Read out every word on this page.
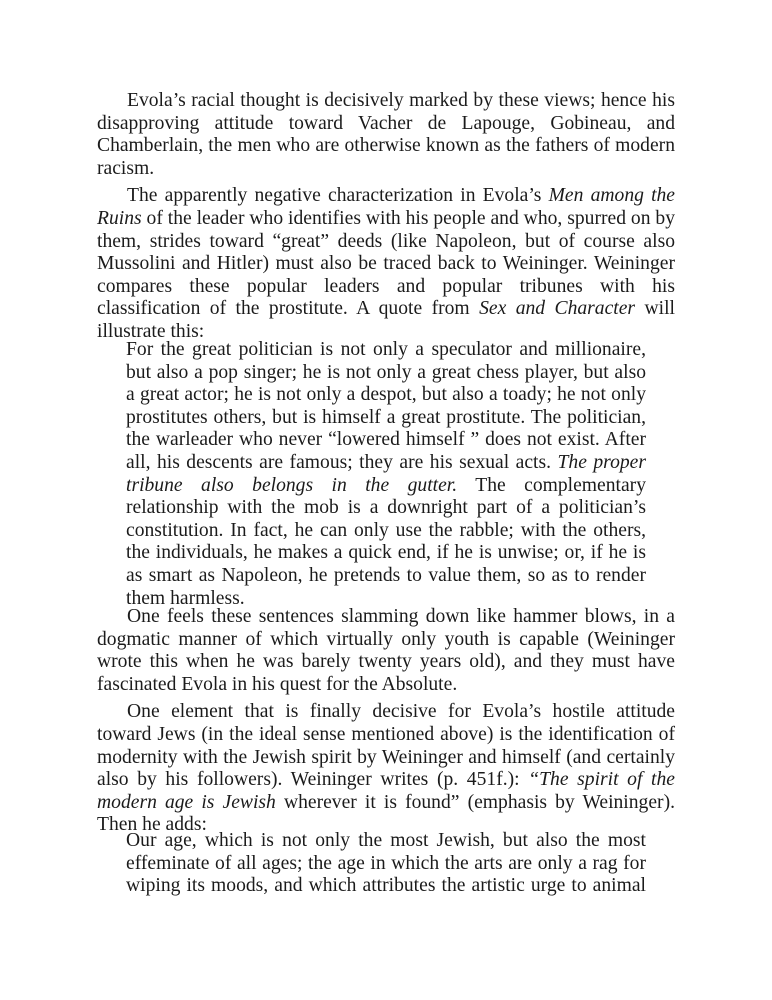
Evola’s racial thought is decisively marked by these views; hence his disapproving attitude toward Vacher de Lapouge, Gobineau, and Chamberlain, the men who are otherwise known as the fathers of modern racism.

The apparently negative characterization in Evola’s Men among the Ruins of the leader who identifies with his people and who, spurred on by them, strides toward “great” deeds (like Napoleon, but of course also Mussolini and Hitler) must also be traced back to Weininger. Weininger compares these popular leaders and popular tribunes with his classification of the prostitute. A quote from Sex and Character will illustrate this:

For the great politician is not only a speculator and millionaire, but also a pop singer; he is not only a great chess player, but also a great actor; he is not only a despot, but also a toady; he not only prostitutes others, but is himself a great prostitute. The politician, the warleader who never “lowered himself ” does not exist. After all, his descents are famous; they are his sexual acts. The proper tribune also belongs in the gutter. The complementary relationship with the mob is a downright part of a politician’s constitution. In fact, he can only use the rabble; with the others, the individuals, he makes a quick end, if he is unwise; or, if he is as smart as Napoleon, he pretends to value them, so as to render them harmless.

One feels these sentences slamming down like hammer blows, in a dogmatic manner of which virtually only youth is capable (Weininger wrote this when he was barely twenty years old), and they must have fascinated Evola in his quest for the Absolute.

One element that is finally decisive for Evola’s hostile attitude toward Jews (in the ideal sense mentioned above) is the identification of modernity with the Jewish spirit by Weininger and himself (and certainly also by his followers). Weininger writes (p. 451f.): “The spirit of the modern age is Jewish wherever it is found” (emphasis by Weininger). Then he adds:

Our age, which is not only the most Jewish, but also the most effeminate of all ages; the age in which the arts are only a rag for wiping its moods, and which attributes the artistic urge to animal
